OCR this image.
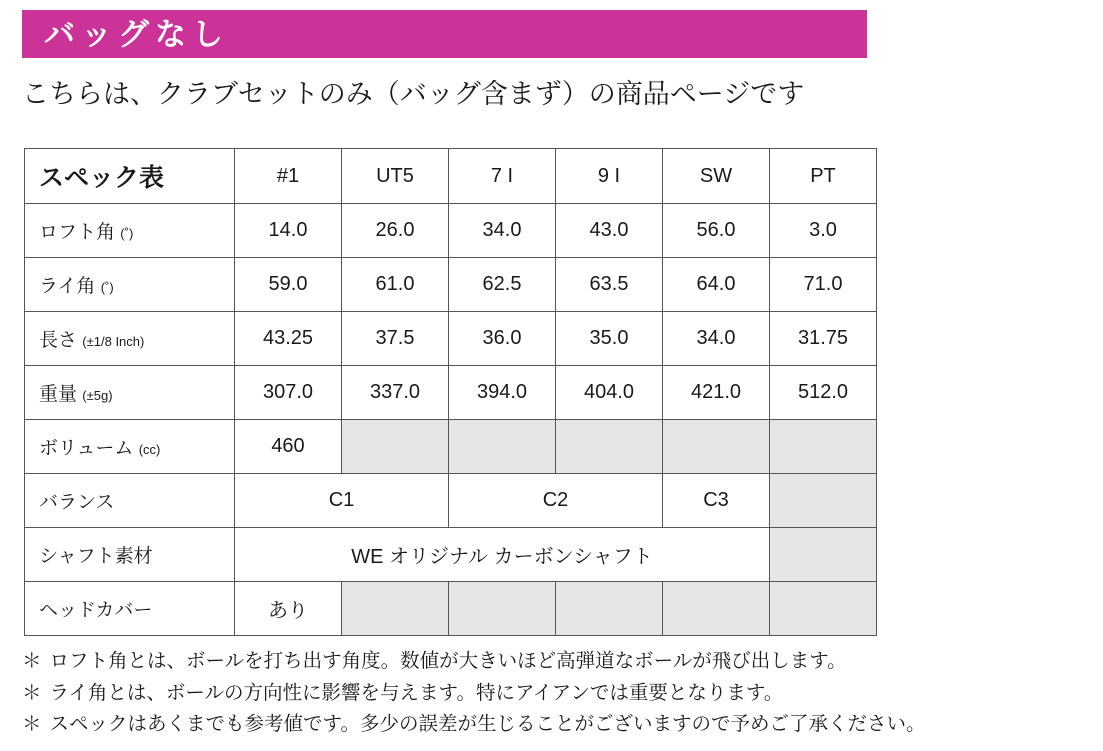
バッグなし
こちらは、クラブセットのみ（バッグ含まず）の商品ページです
スペック表	#1	UT5	7 I	9 I	SW	PT
ロフト角 (˚)	14.0	26.0	34.0	43.0	56.0	3.0
ライ角 (˚)	59.0	61.0	62.5	63.5	64.0	71.0
長さ (±1/8 Inch)	43.25	37.5	36.0	35.0	34.0	31.75
重量 (±5g)	307.0	337.0	394.0	404.0	421.0	512.0
ボリューム (cc)	460					
バランス	C1		C2		C3	
シャフト素材	WE オリジナル カーボンシャフト					
ヘッドカバー	あり					
＊ ロフト角とは、ボールを打ち出す角度。数値が大きいほど高弾道なボールが飛び出します。
＊ ライ角とは、ボールの方向性に影響を与えます。特にアイアンでは重要となります。
＊ スペックはあくまでも参考値です。多少の誤差が生じることがございますので予めご了承ください。
